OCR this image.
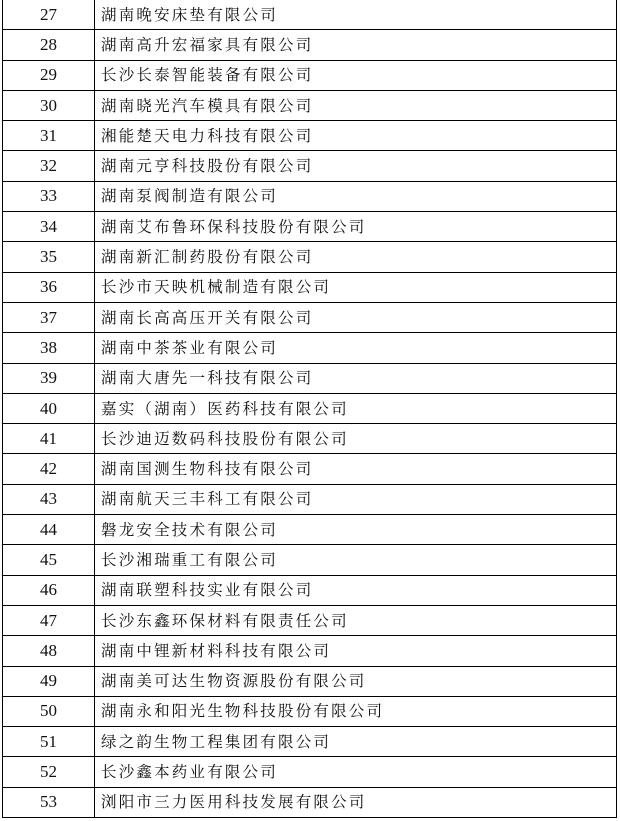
27	湖南晚安床垫有限公司
28	湖南高升宏福家具有限公司
29	长沙长泰智能装备有限公司
30	湖南晓光汽车模具有限公司
31	湘能楚天电力科技有限公司
32	湖南元亨科技股份有限公司
33	湖南泵阀制造有限公司
34	湖南艾布鲁环保科技股份有限公司
35	湖南新汇制药股份有限公司
36	长沙市天映机械制造有限公司
37	湖南长高高压开关有限公司
38	湖南中茶茶业有限公司
39	湖南大唐先一科技有限公司
40	嘉实（湖南）医药科技有限公司
41	长沙迪迈数码科技股份有限公司
42	湖南国测生物科技有限公司
43	湖南航天三丰科工有限公司
44	磐龙安全技术有限公司
45	长沙湘瑞重工有限公司
46	湖南联塑科技实业有限公司
47	长沙东鑫环保材料有限责任公司
48	湖南中锂新材料科技有限公司
49	湖南美可达生物资源股份有限公司
50	湖南永和阳光生物科技股份有限公司
51	绿之韵生物工程集团有限公司
52	长沙鑫本药业有限公司
53	浏阳市三力医用科技发展有限公司
